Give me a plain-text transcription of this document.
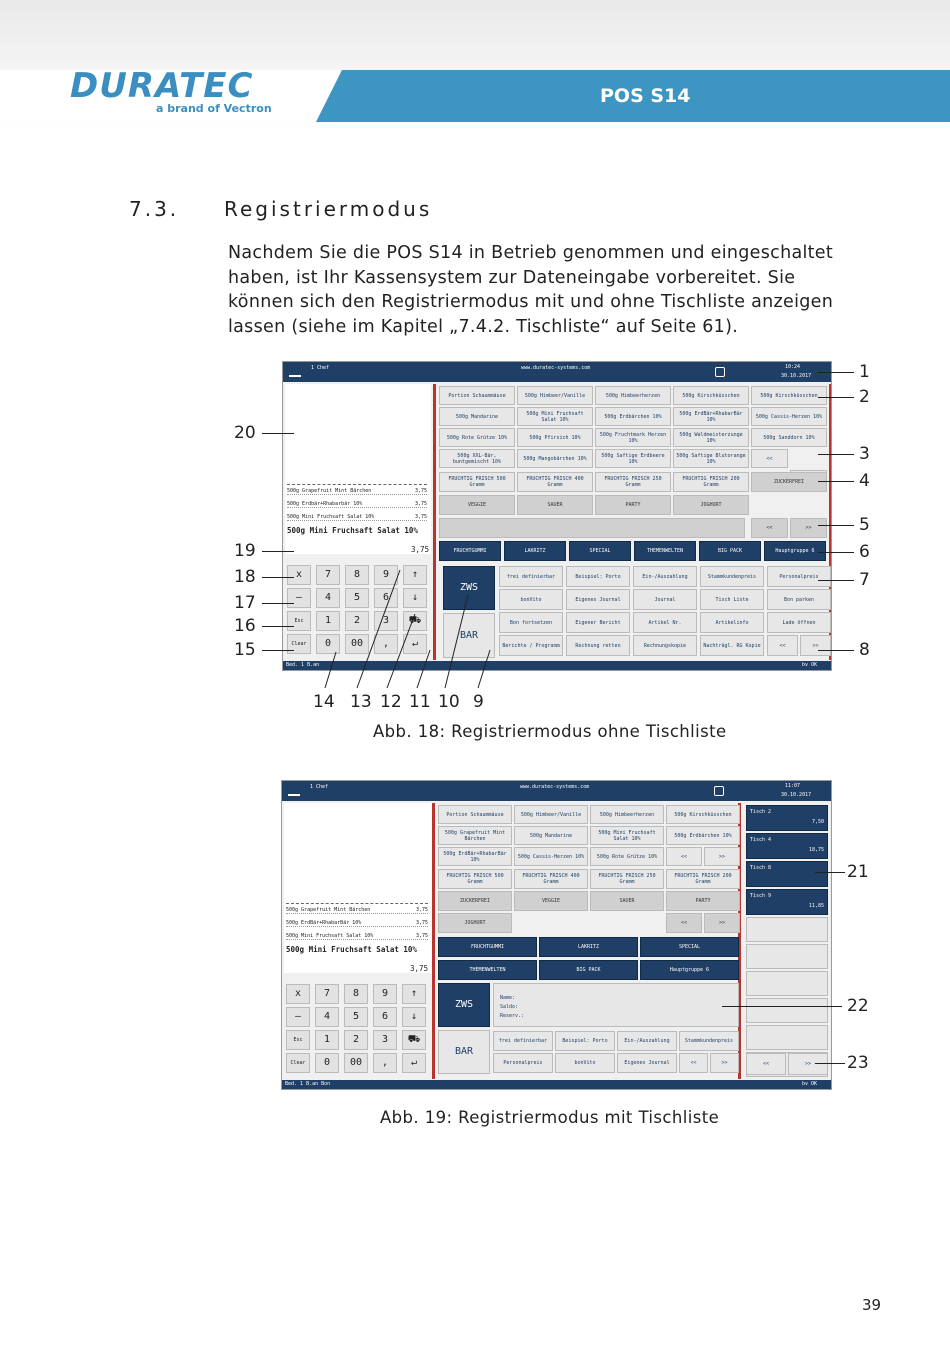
DURATEC
a brand of Vectron
POS S14
7.3. Registriermodus
Nachdem Sie die POS S14 in Betrieb genommen und eingeschaltet
haben, ist Ihr Kassensystem zur Dateneingabe vorbereitet. Sie
können sich den Registriermodus mit und ohne Tischliste anzeigen
lassen (siehe im Kapitel „7.4.2. Tischliste“ auf Seite 61).
1 Chef	www.duratec-systems.com	10:24
30.10.2017
500g Grapefruit Mint Bärchen	3,75
500g Erdbär+Rhabarbär 10%	3,75
500g Mini Fruchsaft Salat 10%	3,75
500g Mini Fruchsaft Salat 10%
3,75
x	7	8	9	↑
–	4	5	6	↓
Esc	1	2	3	⛟
Clear	0	00	,	↵
Portion Schaummäuse	500g Himbeer/Vanille	500g Himbeerherzen	500g Kirschküsschen	500g Kirschküsschen
500g Mandarine	500g Mini Fruchsaft Salat 10%	500g Erdbärchen 10%	500g ErdBär+RhabarBär 10%	500g Cassis-Herzen 10%
500g Rote Grütze 10%	500g Pfirsich 10%	500g Fruchtmark Herzen 10%
500g Waldmeisterzunge 10%	500g Sanddorn 10%
500g XXL-Bär, buntgemischt 10%	500g Mangobärchen 10%	500g Saftige Erdbeere 10%
500g Saftige Blutorange 10%	<<
FRUCHTIG FRISCH 500 Gramm
FRUCHTIG FRISCH 400 Gramm
FRUCHTIG FRISCH 250 Gramm
FRUCHTIG FRISCH 200 Gramm	ZUCKERFREI
VEGGIE	SAUER	PARTY	JOGHURT
<<	>>
FRUCHTGUMMI	LAKRITZ	SPECIAL	THEMENWELTEN	BIG PACK	Hauptgruppe 6
ZWS
BAR
frei definierbar	Beispiel: Porto	Ein-/Auszahlung	Stammkundenpreis	Personalpreis
bonVito	Eigenes Journal	Journal	Tisch Liste	Bon parken
Bon fortsetzen	Eigener Bericht	Artikel Nr.	Artikelinfo	Lade öffnen
Berichte / Programm	Rechnung retten	Rechnungskopie	Nachträgl. RG Kopie	<<	>>
Bed. 1 B.an	bv OK
Abb. 18: Registriermodus ohne Tischliste
1 Chef	www.duratec-systems.com	11:07
30.10.2017
500g Grapefruit Mint Bärchen	3,75
500g ErdBär+RhabarBär 10%	3,75
500g Mini Fruchsaft Salat 10%	3,75
500g Mini Fruchsaft Salat 10%
3,75
x	7	8	9	↑
–	4	5	6	↓
Esc	1	2	3	⛟
Clear	0	00	,	↵
Portion Schaummäuse	500g Himbeer/Vanille	500g Himbeerherzen	500g Kirschküsschen
500g Grapefruit Mint Bärchen	500g Mandarine	500g Mini Fruchsaft Salat 10%	500g Erdbärchen 10%
500g ErdBär+RhabarBär 10%	500g Cassis-Herzen 10%	500g Rote Grütze 10%	<<	>>
FRUCHTIG FRISCH 500 Gramm
FRUCHTIG FRISCH 400 Gramm
FRUCHTIG FRISCH 250 Gramm
FRUCHTIG FRISCH 200 Gramm
ZUCKERFREI	VEGGIE	SAUER	PARTY
JOGHURT	<<	>>
FRUCHTGUMMI	LAKRITZ	SPECIAL
THEMENWELTEN	BIG PACK	Hauptgruppe 6
ZWS
BAR
Name:
Saldo:
Reserv.:
frei definierbar	Beispiel: Porto	Ein-/Auszahlung	Stammkundenpreis
Personalpreis	bonVito	Eigenes Journal	<<	>>
Tisch 2
7,50
Tisch 4
18,75
Tisch 8
Tisch 9
11,85
<<	>>
Bed. 1 B.an Bon	bv OK
Abb. 19: Registriermodus mit Tischliste
39
1
2
3
4
5
6
7
8
20
19
18
17
16
15
14 13 12 11 10 9
21
22
23
